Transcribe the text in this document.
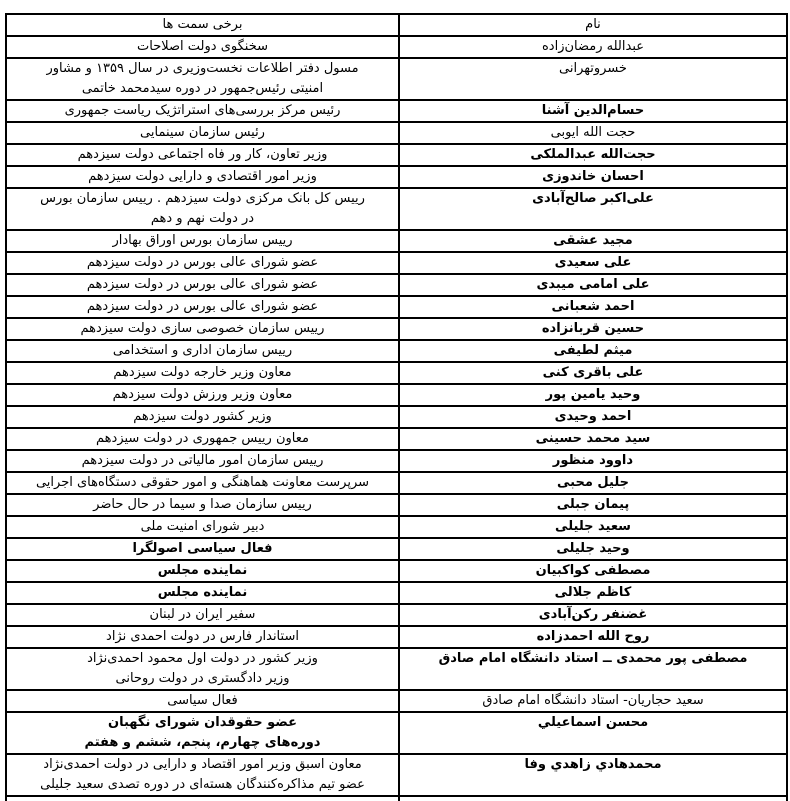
نام	برخی سمت ها
عبدالله رمضان‌زاده	سخنگوی دولت اصلاحات
خسروتهرانی	مسول دفتر اطلاعات نخست‌وزیری در سال ۱۳۵۹ و مشاور
امنیتی رئیس‌جمهور در دوره سیدمحمد خاتمی
حسام‌الدین آشنا	رئیس مرکز بررسی‌های استراتژیک ریاست جمهوری
حجت الله ایوبی	رئیس سازمان سینمایی
حجت‌الله عبدالملکی	وزیر تعاون، کار ور فاه اجتماعی دولت سیزدهم
احسان خاندوزی	وزیر امور اقتصادی و دارایی دولت سیزدهم
علی‌اکبر صالح‌آبادی	رییس کل بانک مرکزی دولت سیزدهم . رییس سازمان بورس
در دولت نهم و دهم
مجید عشقی	رییس سازمان بورس اوراق بهادار
علی سعیدی	عضو شورای عالی بورس در دولت سیزدهم
علی امامی میبدی	عضو شورای عالی بورس در دولت سیزدهم
احمد شعبانی	عضو شورای عالی بورس در دولت سیزدهم
حسین قربانزاده	رییس سازمان خصوصی سازی دولت سیزدهم
میثم لطیفی	رییس سازمان اداری و استخدامی
علی باقری کنی	معاون وزیر خارجه دولت سیزدهم
وحید یامین پور	معاون وزیر ورزش دولت سیزدهم
احمد وحیدی	وزیر کشور دولت سیزدهم
سید محمد حسینی	معاون رییس جمهوری در دولت سیزدهم
داوود منظور	رییس سازمان امور مالیاتی در دولت سیزدهم
جلیل محبی	سرپرست معاونت هماهنگی و امور حقوقی دستگاه‌های اجرایی
پیمان جبلی	رییس سازمان صدا و سیما در حال حاضر
سعید جلیلی	دبیر شورای امنیت ملی
وحید جلیلی	فعال سیاسی اصولگرا
مصطفی کواکبیان	نماینده مجلس
کاظم جلالی	نماینده مجلس
غضنفر رکن‌آبادی	سفیر ایران در لبنان
روح الله احمدزاده	استاندار فارس در دولت احمدی نژاد
مصطفی پور محمدی ــ استاد دانشگاه امام صادق	وزیر کشور در دولت اول محمود احمدی‌نژاد
وزیر دادگستری در دولت روحانی
سعید حجاریان- استاد دانشگاه امام صادق	فعال سیاسی
محسن اسماعيلي	عضو حقوقدان شورای نگهبان
دوره‌های چهارم، پنجم، ششم و هفتم
محمدهادي زاهدي وفا	معاون اسبق وزیر امور اقتصاد و دارایی در دولت احمدی‌نژاد
عضو تیم مذاکره‌کنندگان هسته‌ای در دوره تصدی سعید جلیلی
